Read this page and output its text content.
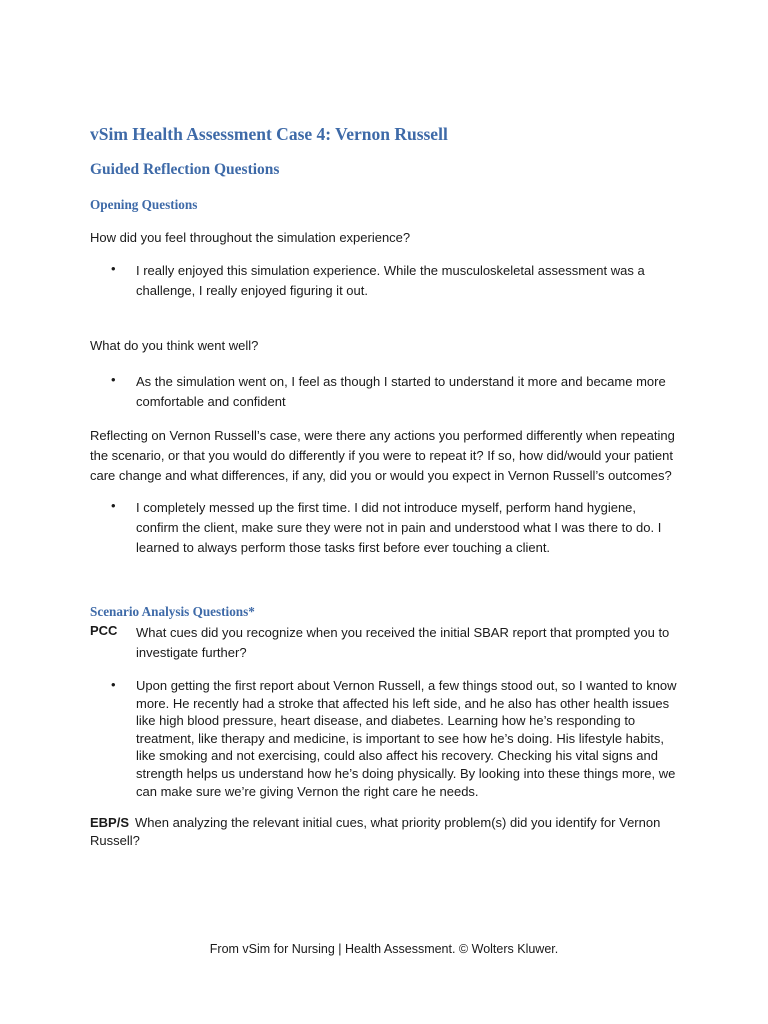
vSim Health Assessment Case 4: Vernon Russell
Guided Reflection Questions
Opening Questions
How did you feel throughout the simulation experience?
• I really enjoyed this simulation experience. While the musculoskeletal assessment was a challenge, I really enjoyed figuring it out.
What do you think went well?
• As the simulation went on, I feel as though I started to understand it more and became more comfortable and confident
Reflecting on Vernon Russell’s case, were there any actions you performed differently when repeating the scenario, or that you would do differently if you were to repeat it? If so, how did/would your patient care change and what differences, if any, did you or would you expect in Vernon Russell’s outcomes?
• I completely messed up the first time. I did not introduce myself, perform hand hygiene, confirm the client, make sure they were not in pain and understood what I was there to do. I learned to always perform those tasks first before ever touching a client.
Scenario Analysis Questions*
PCC What cues did you recognize when you received the initial SBAR report that prompted you to investigate further?
• Upon getting the first report about Vernon Russell, a few things stood out, so I wanted to know more. He recently had a stroke that affected his left side, and he also has other health issues like high blood pressure, heart disease, and diabetes. Learning how he’s responding to treatment, like therapy and medicine, is important to see how he’s doing. His lifestyle habits, like smoking and not exercising, could also affect his recovery. Checking his vital signs and strength helps us understand how he’s doing physically. By looking into these things more, we can make sure we’re giving Vernon the right care he needs.
When analyzing the relevant initial cues, what priority problem(s) did you identify for Vernon Russell?
EBP/S
From vSim for Nursing | Health Assessment. © Wolters Kluwer.
